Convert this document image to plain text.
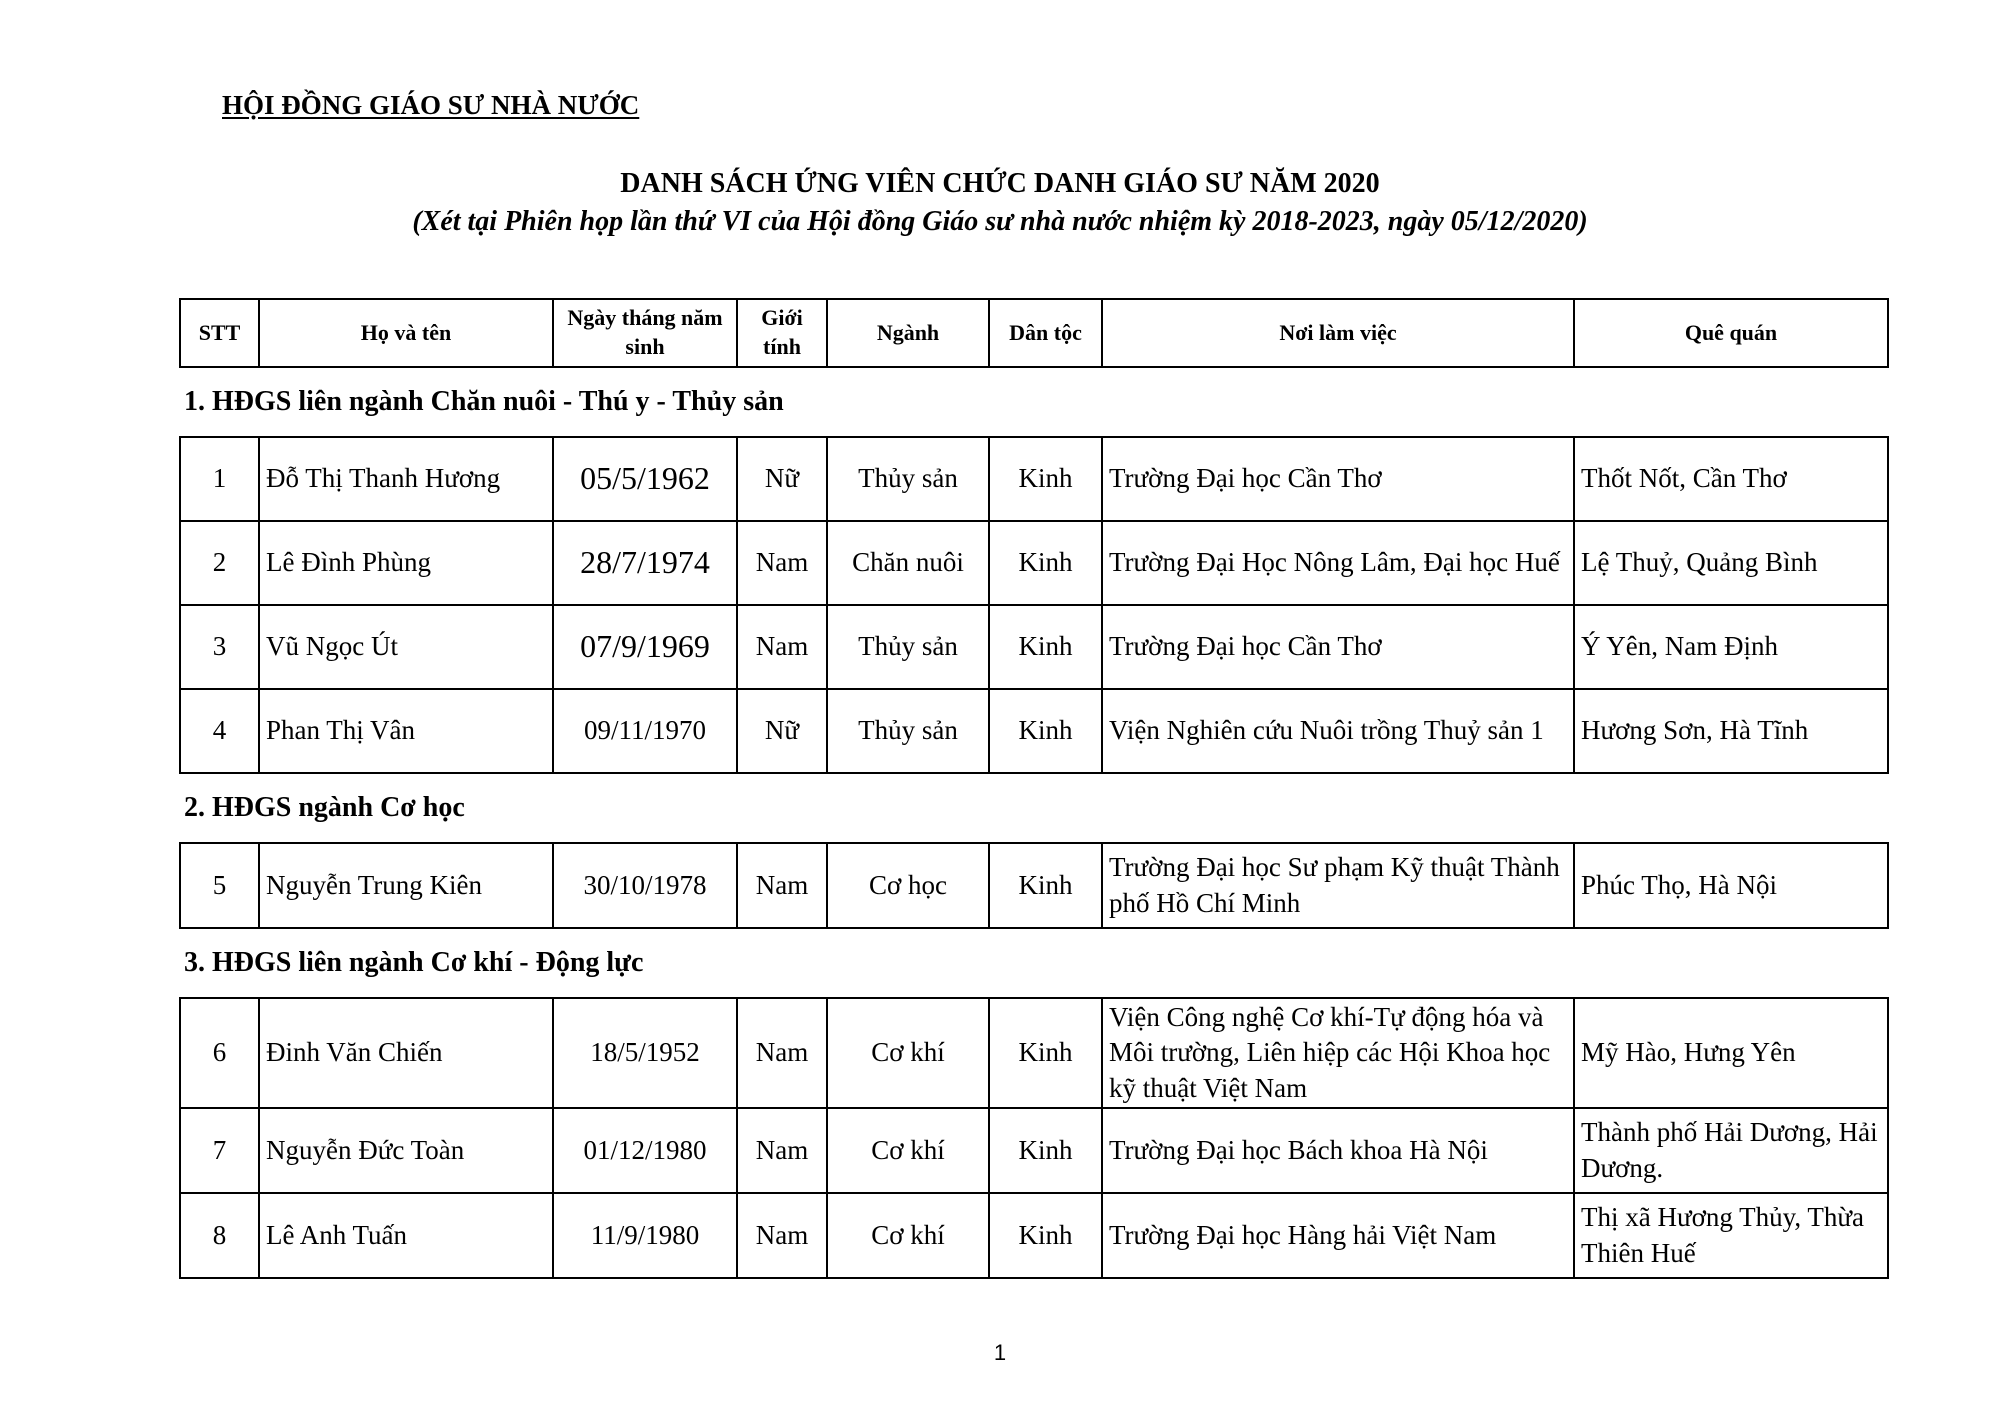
HỘI ĐỒNG GIÁO SƯ NHÀ NƯỚC
DANH SÁCH ỨNG VIÊN CHỨC DANH GIÁO SƯ NĂM 2020
(Xét tại Phiên họp lần thứ VI của Hội đồng Giáo sư nhà nước nhiệm kỳ 2018-2023, ngày 05/12/2020)
STT	Họ và tên	Ngày tháng năm sinh	Giới tính	Ngành	Dân tộc	Nơi làm việc	Quê quán
1. HĐGS liên ngành Chăn nuôi - Thú y - Thủy sản							
1	Đỗ Thị Thanh Hương	05/5/1962	Nữ	Thủy sản	Kinh	Trường Đại học Cần Thơ	Thốt Nốt, Cần Thơ
2	Lê Đình Phùng	28/7/1974	Nam	Chăn nuôi	Kinh	Trường Đại Học Nông Lâm, Đại học Huế	Lệ Thuỷ, Quảng Bình
3	Vũ Ngọc Út	07/9/1969	Nam	Thủy sản	Kinh	Trường Đại học Cần Thơ	Ý Yên, Nam Định
4	Phan Thị Vân	09/11/1970	Nữ	Thủy sản	Kinh	Viện Nghiên cứu Nuôi trồng Thuỷ sản 1	Hương Sơn, Hà Tĩnh
2. HĐGS ngành Cơ học							
5	Nguyễn Trung Kiên	30/10/1978	Nam	Cơ học	Kinh	Trường Đại học Sư phạm Kỹ thuật Thành phố Hồ Chí Minh	Phúc Thọ, Hà Nội
3. HĐGS liên ngành Cơ khí - Động lực							
6	Đinh Văn Chiến	18/5/1952	Nam	Cơ khí	Kinh	Viện Công nghệ Cơ khí-Tự động hóa và Môi trường, Liên hiệp các Hội Khoa học kỹ thuật Việt Nam	Mỹ Hào, Hưng Yên
7	Nguyễn Đức Toàn	01/12/1980	Nam	Cơ khí	Kinh	Trường Đại học Bách khoa Hà Nội	Thành phố Hải Dương, Hải Dương.
8	Lê Anh Tuấn	11/9/1980	Nam	Cơ khí	Kinh	Trường Đại học Hàng hải Việt Nam	Thị xã Hương Thủy, Thừa Thiên Huế
1
